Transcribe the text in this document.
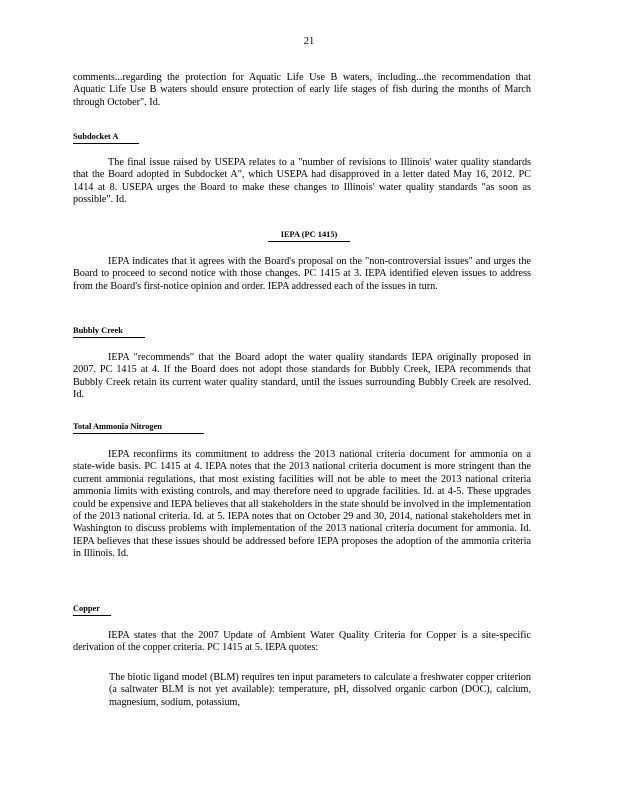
21

comments...regarding the protection for Aquatic Life Use B waters, including...the recommendation that Aquatic Life Use B waters should ensure protection of early life stages of fish during the months of March through October". Id.

Subdocket A

The final issue raised by USEPA relates to a "number of revisions to Illinois' water quality standards that the Board adopted in Subdocket A", which USEPA had disapproved in a letter dated May 16, 2012. PC 1414 at 8. USEPA urges the Board to make these changes to Illinois' water quality standards "as soon as possible". Id.

IEPA (PC 1415)

IEPA indicates that it agrees with the Board's proposal on the "non-controversial issues" and urges the Board to proceed to second notice with those changes. PC 1415 at 3. IEPA identified eleven issues to address from the Board's first-notice opinion and order. IEPA addressed each of the issues in turn.

Bubbly Creek

IEPA "recommends" that the Board adopt the water quality standards IEPA originally proposed in 2007. PC 1415 at 4. If the Board does not adopt those standards for Bubbly Creek, IEPA recommends that Bubbly Creek retain its current water quality standard, until the issues surrounding Bubbly Creek are resolved. Id.

Total Ammonia Nitrogen

IEPA reconfirms its commitment to address the 2013 national criteria document for ammonia on a state-wide basis. PC 1415 at 4. IEPA notes that the 2013 national criteria document is more stringent than the current ammonia regulations, that most existing facilities will not be able to meet the 2013 national criteria ammonia limits with existing controls, and may therefore need to upgrade facilities. Id. at 4-5. These upgrades could be expensive and IEPA believes that all stakeholders in the state should be involved in the implementation of the 2013 national criteria. Id. at 5. IEPA notes that on October 29 and 30, 2014, national stakeholders met in Washington to discuss problems with implementation of the 2013 national criteria document for ammonia. Id. IEPA believes that these issues should be addressed before IEPA proposes the adoption of the ammonia criteria in Illinois. Id.

Copper

IEPA states that the 2007 Update of Ambient Water Quality Criteria for Copper is a site-specific derivation of the copper criteria. PC 1415 at 5. IEPA quotes:

The biotic ligand model (BLM) requires ten input parameters to calculate a freshwater copper criterion (a saltwater BLM is not yet available): temperature, pH, dissolved organic carbon (DOC), calcium, magnesium, sodium, potassium,
